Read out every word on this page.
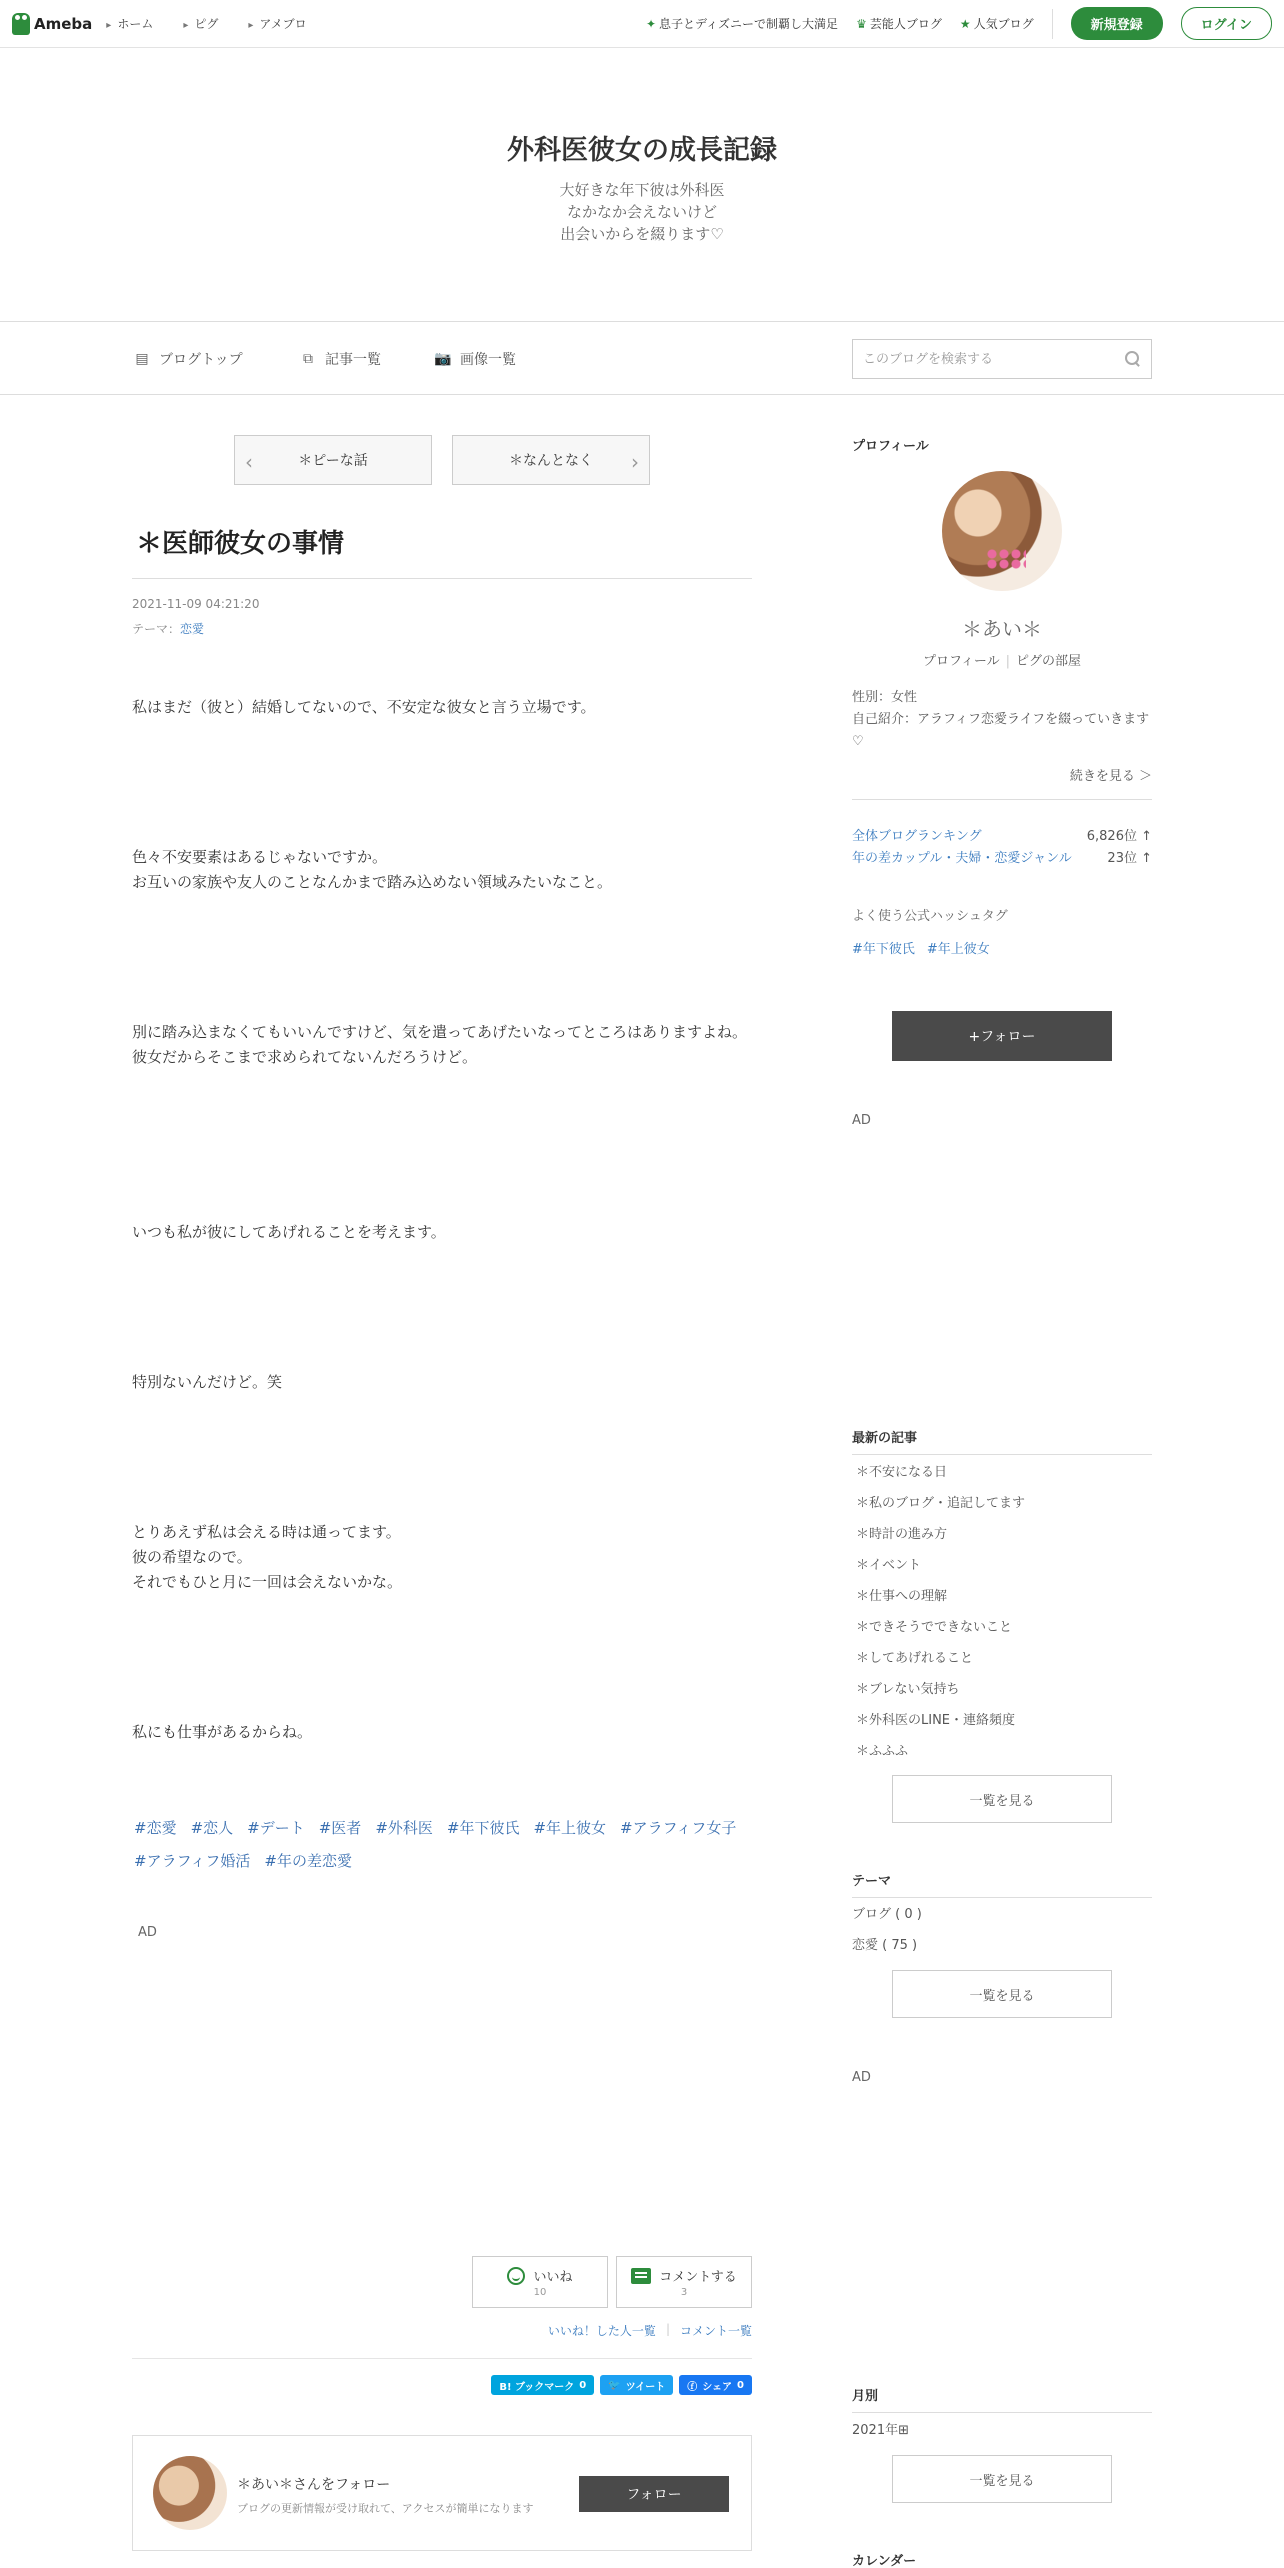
Ameba	▸ ホーム	▸ ピグ	▸ アメブロ	✦ 息子とディズニーで制覇し大満足 ♛ 芸能人ブログ ★ 人気ブログ	新規登録	ログイン
外科医彼女の成長記録
大好きな年下彼は外科医
なかなか会えないけど
出会いからを綴ります♡
▤ ブログトップ	⧉ 記事一覧	📷 画像一覧
このブログを検索する
‹	＊ピーな話	＊なんとなく ›
＊医師彼女の事情
2021-11-09 04:21:20
テーマ：恋愛
私はまだ（彼と）結婚してないので、不安定な彼女と言う立場です。
色々不安要素はあるじゃないですか。
お互いの家族や友人のことなんかまで踏み込めない領域みたいなこと。
別に踏み込まなくてもいいんですけど、気を遣ってあげたいなってところはありますよね。
彼女だからそこまで求められてないんだろうけど。
いつも私が彼にしてあげれることを考えます。
特別ないんだけど。笑
とりあえず私は会える時は通ってます。
彼の希望なので。
それでもひと月に一回は会えないかな。
私にも仕事があるからね。
#恋愛 #恋人 #デート #医者 #外科医 #年下彼氏 #年上彼女 #アラフィフ女子
#アラフィフ婚活 #年の差恋愛
AD
いいね
10
コメントする
3
いいね！した人一覧 | コメント一覧
B! ブックマーク 0 🐦 ツイート ⓕ シェア 0
＊あい＊さんをフォロー
ブログの更新情報が受け取れて、アクセスが簡単になります
フォロー
プロフィール
＊あい＊
プロフィール | ピグの部屋
性別：女性
自己紹介：アラフィフ恋愛ライフを綴っていきます♡
続きを見る ＞
全体ブログランキング	6,826位 ↑
年の差カップル・夫婦・恋愛ジャンル	23位 ↑
よく使う公式ハッシュタグ
#年下彼氏 #年上彼女
+フォロー
AD
最新の記事
＊不安になる日
＊私のブログ・追記してます
＊時計の進み方
＊イベント
＊仕事への理解
＊できそうでできないこと
＊してあげれること
＊ブレない気持ち
＊外科医のLINE・連絡頻度
＊ふふふ
一覧を見る
テーマ
ブログ ( 0 )
恋愛 ( 75 )
一覧を見る
AD
月別
2021年⊞
一覧を見る
カレンダー
